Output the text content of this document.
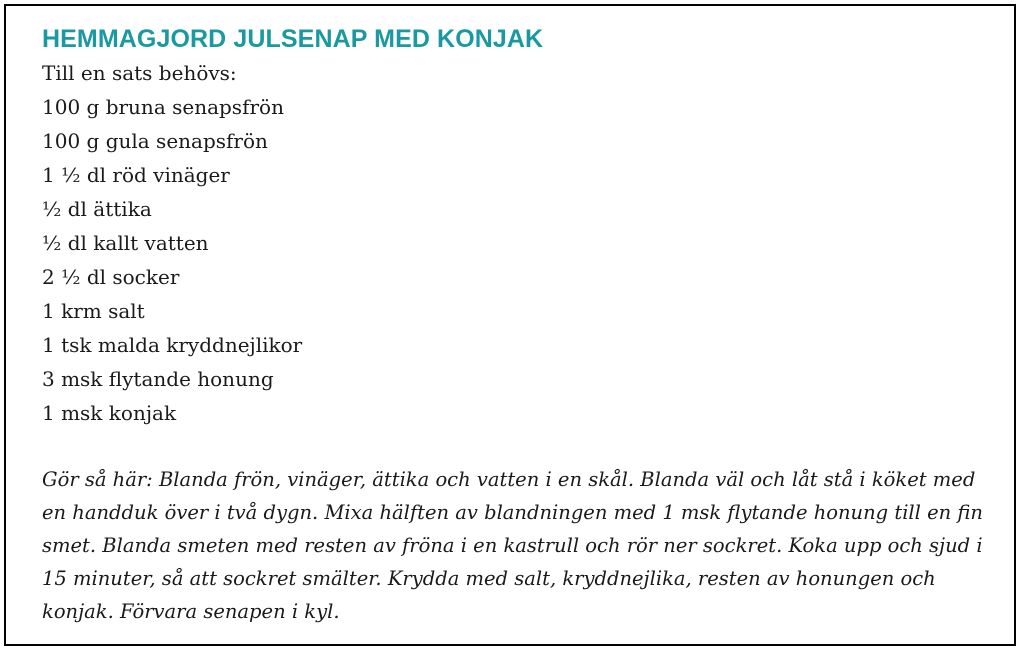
HEMMAGJORD JULSENAP MED KONJAK

Till en sats behövs:

100 g bruna senapsfrön
100 g gula senapsfrön
1 ½ dl röd vinäger
½ dl ättika
½ dl kallt vatten
2 ½ dl socker
1 krm salt
1 tsk malda kryddnejlikor
3 msk flytande honung
1 msk konjak

Gör så här: Blanda frön, vinäger, ättika och vatten i en skål. Blanda väl och låt stå i köket med en handduk över i två dygn. Mixa hälften av blandningen med 1 msk flytande honung till en fin smet. Blanda smeten med resten av fröna i en kastrull och rör ner sockret. Koka upp och sjud i 15 minuter, så att sockret smälter. Krydda med salt, kryddnejlika, resten av honungen och konjak. Förvara senapen i kyl.
